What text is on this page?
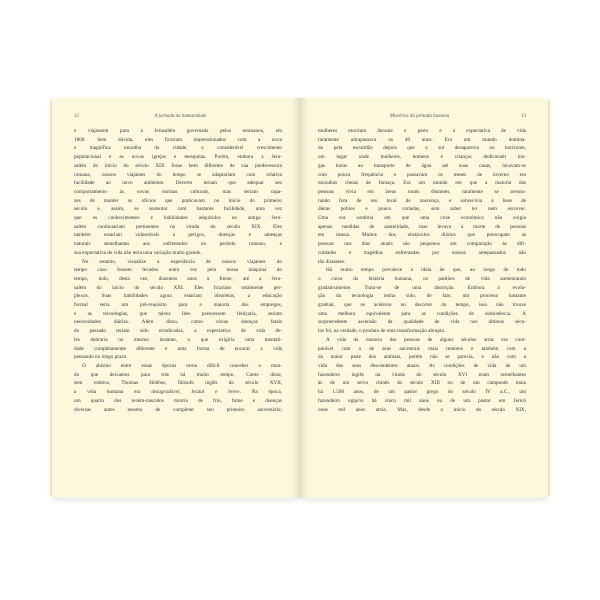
12	A jornada da humanidade
e viajassem para a Jerusalém governada pelos otomanos, em
1800. Sem dúvida, eles ficariam impressionados com a nova
e magnífica muralha da cidade, o considerável crescimento
populacional e as novas igrejas e mesquitas. Porém, embora a Jeru-
salém do início do século XIX fosse bem diferente de sua predecessora
romana, nossos viajantes do tempo se adaptariam com relativa
facilidade ao novo ambiente. Decerto teriam que adequar seu
comportamento às novas normas culturais, mas seriam capa-
zes de manter os ofícios que praticavam no início do primeiro
século e, assim, se sustentar com bastante facilidade, uma vez
que os conhecimentos e habilidades adquiridos na antiga Jeru-
salém continuariam pertinentes na virada do século XIX. Eles
também estariam vulneráveis a perigos, doenças e ameaças
naturais semelhantes aos enfrentados no período romano, e
sua expectativa de vida não teria uma variação muito grande.
No entanto, visualize a experiência de nossos viajantes do
tempo caso fossem levados outra vez pela nossa máquina do
tempo, indo, desta vez, duzentos anos à frente, até a Jeru-
salém do início do século XXI. Eles ficariam totalmente per-
plexos. Suas habilidades agora estariam obsoletas, a educação
formal seria um pré-requisito para a maioria dos empregos,
e as tecnologias, que talvez lhes parecessem feitiçaria, seriam
necessidades diárias. Além disso, como várias doenças fatais
do passado teriam sido erradicadas, a expectativa de vida de-
les dobraria no mesmo instante, o que exigiria uma mentali-
dade completamente diferente e uma forma de encarar a vida
pensando no longo prazo.
O abismo entre essas épocas torna difícil conceber o mun-
do que deixamos para trás há muito tempo. Como disse,
sem rodeios, Thomas Hobbes, filósofo inglês do século XVII,
a vida humana era desagradável, brutal e breve. Na época,
um quarto dos recém-nascidos morria de frio, fome e doenças
diversas antes mesmo de completar seu primeiro aniversário;
Mistérios da jornada humana	13
mulheres morriam durante o parto e a expectativa de vida
raramente ultrapassava os 40 anos. Era um mundo domina-
do pela escuridão depois que o sol desaparecia no horizonte,
um lugar onde mulheres, homens e crianças dedicavam lon-
gas horas ao transporte de água até suas casas, lavavam-se
com pouca frequência e passavam os meses de inverno em
moradias cheias de fumaça. Era um mundo em que a maioria das
pessoas vivia em áreas rurais distantes, raramente se aventu-
rando fora de seu local de nascença, e sobrevivia à base de
dietas pobres e pouco variadas, sem saber ler nem escrever.
Uma era sombria em que uma crise econômica não exigia
apenas medidas de austeridade, mas levava à morte de pessoas
em massa. Muitos dos obstáculos diários que preocupam as
pessoas nos dias atuais são pequenos em comparação às difi-
culdades e tragédias enfrentadas por nossos antepassados não
tão distantes.
Há muito tempo prevalece a ideia de que, ao longo de todo
o curso da história humana, os padrões de vida aumentaram
gradativamente. Trata-se de uma distorção. Embora a evolu-
ção da tecnologia tenha sido, de fato, um processo bastante
gradual, que se acelerou no decorrer do tempo, isso não trouxe
uma melhora equivalente para as condições de subsistência. A
surpreendente ascensão da qualidade de vida nos últimos sécu-
los foi, na verdade, o produto de uma transformação abrupta.
A vida da maioria das pessoas de alguns séculos atrás era com-
parável com a de seus ancestrais mais remotos e também com a
da maior parte dos animais, porém não se parecia, e não com a
vida dos seus descendentes atuais. As condições de vida de um
fazendeiro inglês na virada do século XVI eram semelhantes
às de um servo chinês do século XIII ou de um camponês maia
há 1.500 anos, de um pastor grego do século IV a.C., um
fazendeiro egípcio há cinco mil anos ou de um pastor em Jericó
onze mil anos atrás. Mas, desde o início do século XIX,
